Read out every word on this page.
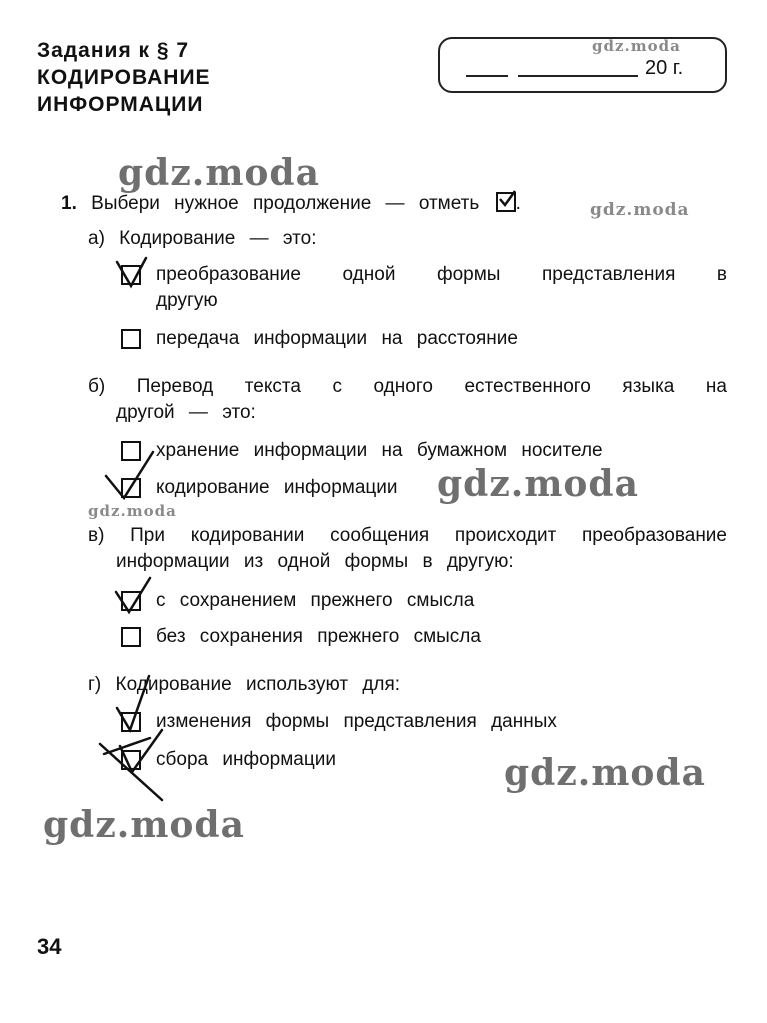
Задания к § 7
КОДИРОВАНИЕ
ИНФОРМАЦИИ
20 г.
gdz.moda
gdz.moda
gdz.moda
gdz.moda
gdz.moda
gdz.moda
gdz.moda
1. Выбери нужное продолжение — отметь .
а) Кодирование — это:
преобразование одной формы представления в
другую
передача информации на расстояние
б) Перевод текста с одного естественного языка на
другой — это:
хранение информации на бумажном носителе
кодирование информации
в) При кодировании сообщения происходит преобразование
информации из одной формы в другую:
с сохранением прежнего смысла
без сохранения прежнего смысла
г) Кодирование используют для:
изменения формы представления данных
сбора информации
34
